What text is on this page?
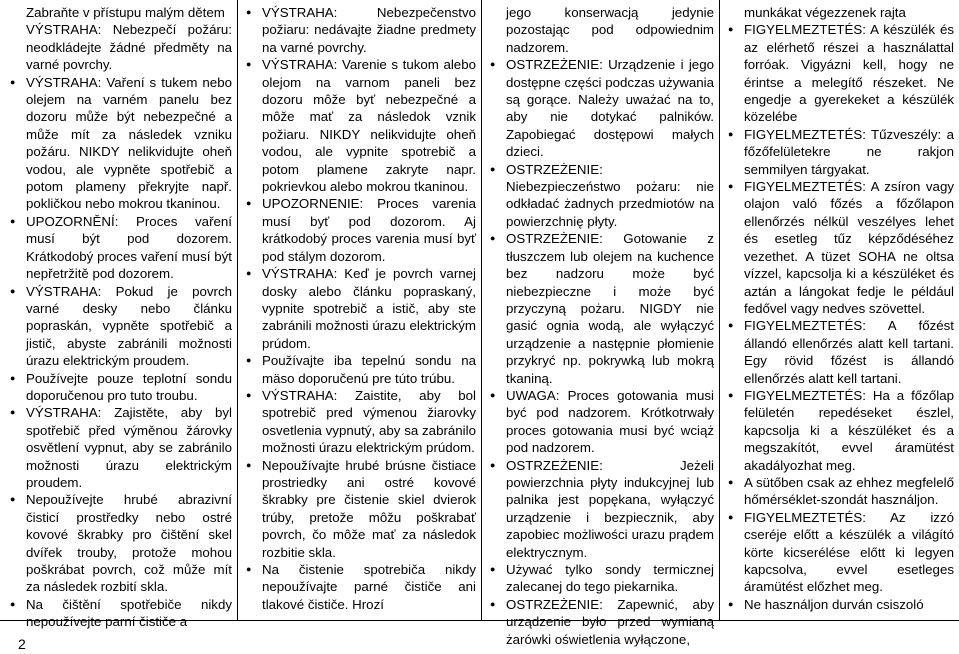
Zabraňte v přístupu malým dětem
VÝSTRAHA: Nebezpečí požáru: neodkládejte žádné předměty na varné povrchy.
● VÝSTRAHA: Vaření s tukem nebo olejem na varném panelu bez dozoru může být nebezpečné a může mít za následek vzniku požáru. NIKDY nelikvidujte oheň vodou, ale vypněte spotřebič a potom plameny překryjte např. pokličkou nebo mokrou tkaninou.
● UPOZORNĚNÍ: Proces vaření musí být pod dozorem. Krátkodobý proces vaření musí být nepřetržitě pod dozorem.
● VÝSTRAHA: Pokud je povrch varné desky nebo článku popraskán, vypněte spotřebič a jistič, abyste zabránili možnosti úrazu elektrickým proudem.
● Používejte pouze teplotní sondu doporučenou pro tuto troubu.
● VÝSTRAHA: Zajistěte, aby byl spotřebič před výměnou žárovky osvětlení vypnut, aby se zabránilo možnosti úrazu elektrickým proudem.
● Nepoužívejte hrubé abrazivní čisticí prostředky nebo ostré kovové škrabky pro čištění skel dvířek trouby, protože mohou poškrábat povrch, což může mít za následek rozbití skla.
● Na čištění spotřebiče nikdy nepoužívejte parní čističe a
● VÝSTRAHA: Nebezpečenstvo požiaru: nedávajte žiadne predmety na varné povrchy.
● VÝSTRAHA: Varenie s tukom alebo olejom na varnom paneli bez dozoru môže byť nebezpečné a môže mať za následok vznik požiaru. NIKDY nelikvidujte oheň vodou, ale vypnite spotrebič a potom plamene zakryte napr. pokrievkou alebo mokrou tkaninou.
● UPOZORNENIE: Proces varenia musí byť pod dozorom. Aj krátkodobý proces varenia musí byť pod stálym dozorom.
● VÝSTRAHA: Keď je povrch varnej dosky alebo článku popraskaný, vypnite spotrebič a istič, aby ste zabránili možnosti úrazu elektrickým prúdom.
● Používajte iba tepelnú sondu na mäso doporučenú pre túto trúbu.
● VÝSTRAHA: Zaistite, aby bol spotrebič pred výmenou žiarovky osvetlenia vypnutý, aby sa zabránilo možnosti úrazu elektrickým prúdom.
● Nepoužívajte hrubé brúsne čistiace prostriedky ani ostré kovové škrabky pre čistenie skiel dvierok trúby, pretože môžu poškrabať povrch, čo môže mať za následok rozbitie skla.
● Na čistenie spotrebiča nikdy nepoužívajte parné čističe ani tlakové čističe. Hrozí
jego konserwacją jedynie pozostając pod odpowiednim nadzorem.
● OSTRZEŻENIE: Urządzenie i jego dostępne części podczas używania są gorące. Należy uważać na to, aby nie dotykać palników. Zapobiegać dostępowi małych dzieci.
● OSTRZEŻENIE: Niebezpieczeństwo pożaru: nie odkładać żadnych przedmiotów na powierzchnię płyty.
● OSTRZEŻENIE: Gotowanie z tłuszczem lub olejem na kuchence bez nadzoru może być niebezpieczne i może być przyczyną pożaru. NIGDY nie gasić ognia wodą, ale wyłączyć urządzenie a następnie płomienie przykryć np. pokrywką lub mokrą tkaniną.
● UWAGA: Proces gotowania musi być pod nadzorem. Krótkotrwały proces gotowania musi być wciąż pod nadzorem.
● OSTRZEŻENIE: Jeżeli powierzchnia płyty indukcyjnej lub palnika jest popękana, wyłączyć urządzenie i bezpiecznik, aby zapobiec możliwości urazu prądem elektrycznym.
● Używać tylko sondy termicznej zalecanej do tego piekarnika.
● OSTRZEŻENIE: Zapewnić, aby urządzenie było przed wymianą żarówki oświetlenia wyłączone,
munkákat végezzenek rajta
● FIGYELMEZTETÉS: A készülék és az elérhető részei a használattal forróak. Vigyázni kell, hogy ne érintse a melegítő részeket. Ne engedje a gyerekeket a készülék közelébe
● FIGYELMEZTETÉS: Tűzveszély: a főzőfelületekre ne rakjon semmilyen tárgyakat.
● FIGYELMEZTETÉS: A zsíron vagy olajon való főzés a főzőlapon ellenőrzés nélkül veszélyes lehet és esetleg tűz képződéséhez vezethet. A tüzet SOHA ne oltsa vízzel, kapcsolja ki a készüléket és aztán a lángokat fedje le például fedővel vagy nedves szövettel.
● FIGYELMEZTETÉS: A főzést állandó ellenőrzés alatt kell tartani. Egy rövid főzést is állandó ellenőrzés alatt kell tartani.
● FIGYELMEZTETÉS: Ha a főzőlap felületén repedéseket észlel, kapcsolja ki a készüléket és a megszakítót, evvel áramütést akadályozhat meg.
● A sütőben csak az ehhez megfelelő hőmérséklet-szondát használjon.
● FIGYELMEZTETÉS: Az izzó cseréje előtt a készülék a világító körte kicserélése előtt ki legyen kapcsolva, evvel esetleges áramütést előzhet meg.
● Ne használjon durván csiszoló
2
